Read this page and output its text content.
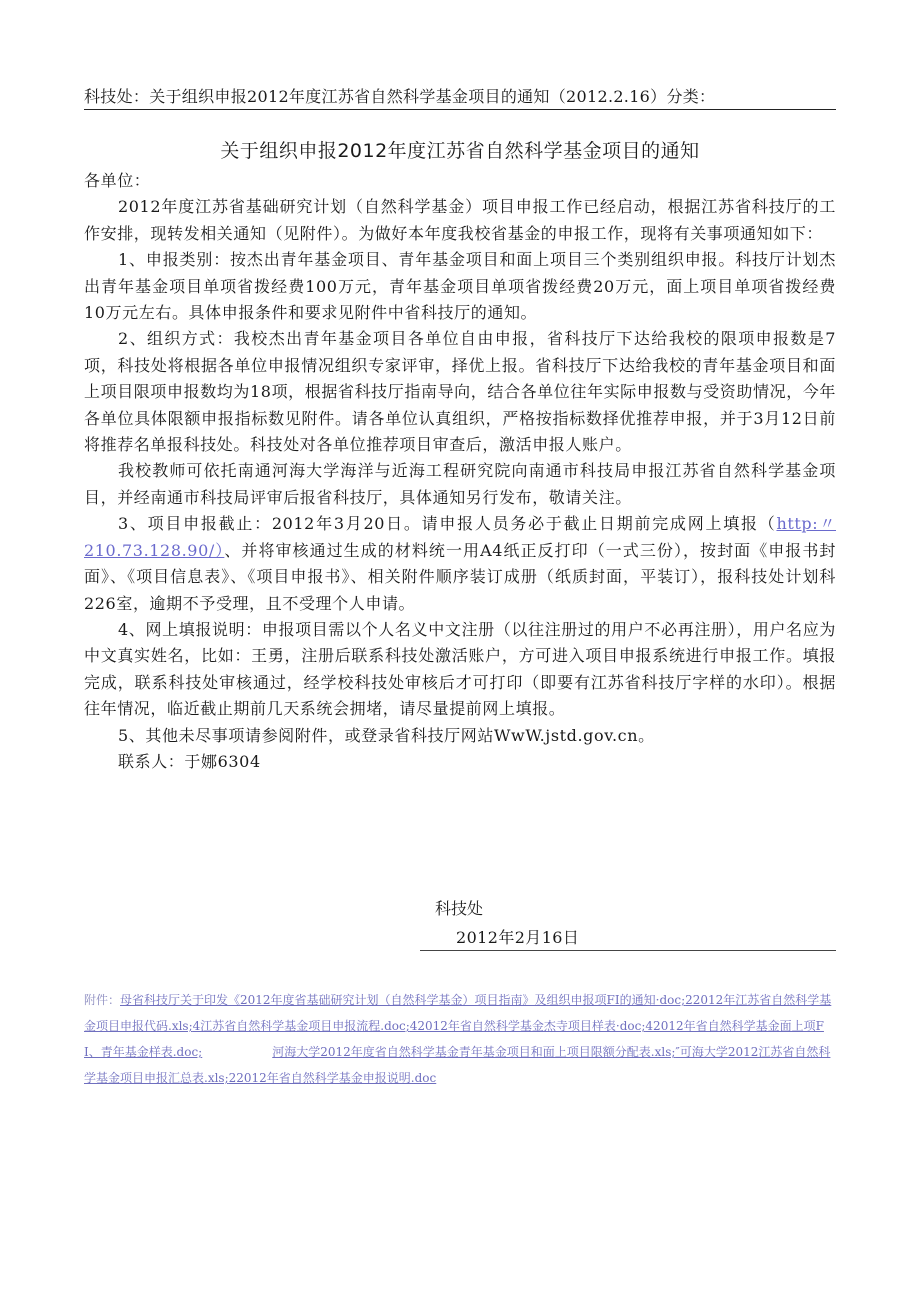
科技处：关于组织申报2012年度江苏省自然科学基金项目的通知（2012.2.16）分类：
关于组织申报2012年度江苏省自然科学基金项目的通知

各单位：

2012年度江苏省基础研究计划（自然科学基金）项目申报工作已经启动，根据江苏省科技厅的工作安排，现转发相关通知（见附件）。为做好本年度我校省基金的申报工作，现将有关事项通知如下：

1、申报类别：按杰出青年基金项目、青年基金项目和面上项目三个类别组织申报。科技厅计划杰出青年基金项目单项省拨经费100万元，青年基金项目单项省拨经费20万元，面上项目单项省拨经费10万元左右。具体申报条件和要求见附件中省科技厅的通知。

2、组织方式：我校杰出青年基金项目各单位自由申报，省科技厅下达给我校的限项申报数是7项，科技处将根据各单位申报情况组织专家评审，择优上报。省科技厅下达给我校的青年基金项目和面上项目限项申报数均为18项，根据省科技厅指南导向，结合各单位往年实际申报数与受资助情况，今年各单位具体限额申报指标数见附件。请各单位认真组织，严格按指标数择优推荐申报，并于3月12日前将推荐名单报科技处。科技处对各单位推荐项目审查后，激活申报人账户。

我校教师可依托南通河海大学海洋与近海工程研究院向南通市科技局申报江苏省自然科学基金项目，并经南通市科技局评审后报省科技厅，具体通知另行发布，敬请关注。

3、项目申报截止：2012年3月20日。请申报人员务必于截止日期前完成网上填报（http:〃210.73.128.90/）、并将审核通过生成的材料统一用A4纸正反打印（一式三份），按封面《申报书封面》、《项目信息表》、《项目申报书》、相关附件顺序装订成册（纸质封面，平装订），报科技处计划科226室，逾期不予受理，且不受理个人申请。

4、网上填报说明：申报项目需以个人名义中文注册（以往注册过的用户不必再注册），用户名应为中文真实姓名，比如：王勇，注册后联系科技处激活账户，方可进入项目申报系统进行申报工作。填报完成，联系科技处审核通过，经学校科技处审核后才可打印（即要有江苏省科技厅字样的水印）。根据往年情况，临近截止期前几天系统会拥堵，请尽量提前网上填报。

5、其他未尽事项请参阅附件，或登录省科技厅网站WwW.jstd.gov.cn。

联系人：于娜6304

科技处
2012年2月16日
附件：母省科技厅关于印发《2012年度省基础研究计划（自然科学基金）项目指南》及组织申报项FI的通知·doc;22012年江苏省自然科学基金项目申报代码.xls;4江苏省自然科学基金项目申报流程.doc;42012年省自然科学基金杰寺项目样表·doc;42012年省自然科学基金面上项FI、青年基金样表.doc;	河海大学2012年度省自然科学基金青年基金项目和面上项目限额分配表.xls;″可海大学2012江苏省自然科学基金项目申报汇总表.xls;22012年省自然科学基金申报说明.doc
